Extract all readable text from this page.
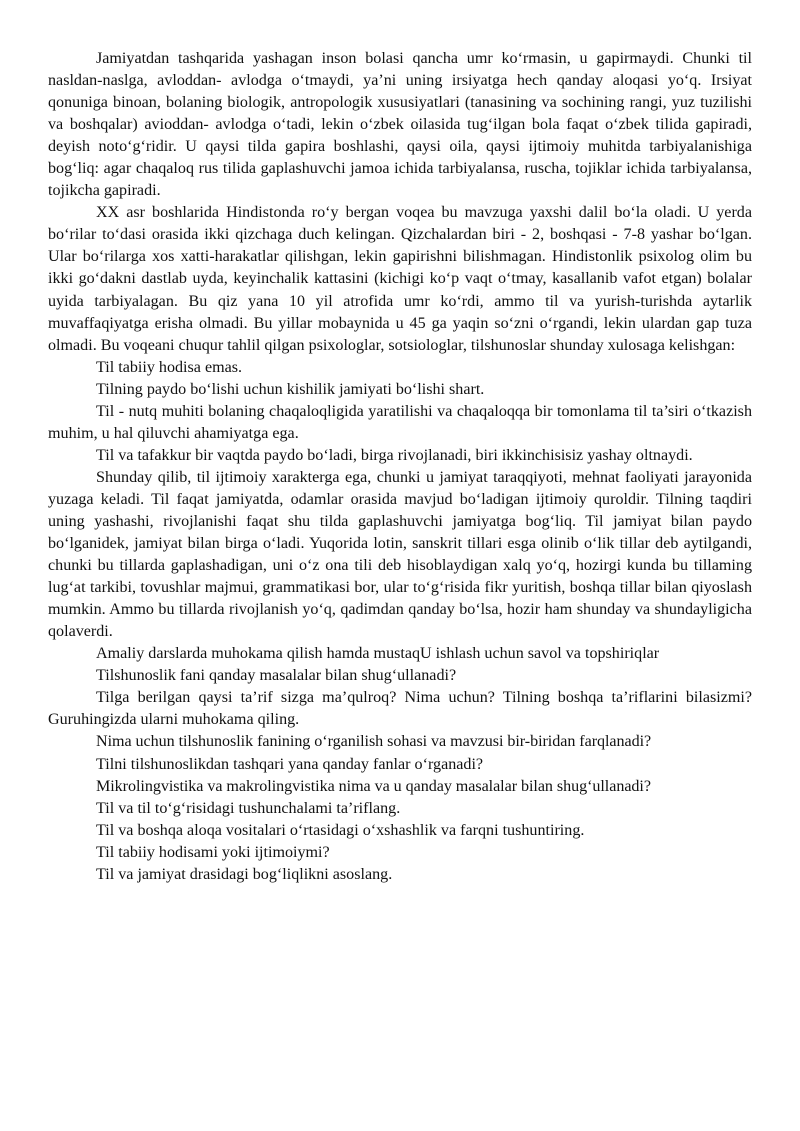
Jamiyatdan tashqarida yashagan inson bolasi qancha umr ko‘rmasin, u gapirmaydi. Chunki til nasldan-naslga, avloddan- avlodga o‘tmaydi, ya’ni uning irsiyatga hech qanday aloqasi yo‘q. Irsiyat qonuniga binoan, bolaning biologik, antropologik xususiyatlari (tanasining va sochining rangi, yuz tuzilishi va boshqalar) avioddan- avlodga o‘tadi, lekin o‘zbek oilasida tug‘ilgan bola faqat o‘zbek tilida gapiradi, deyish noto‘g‘ridir. U qaysi tilda gapira boshlashi, qaysi oila, qaysi ijtimoiy muhitda tarbiyalanishiga bog‘liq: agar chaqaloq rus tilida gaplashuvchi jamoa ichida tarbiyalansa, ruscha, tojiklar ichida tarbiyalansa, tojikcha gapiradi.

XX asr boshlarida Hindistonda ro‘y bergan voqea bu mavzuga yaxshi dalil bo‘la oladi. U yerda bo‘rilar to‘dasi orasida ikki qizchaga duch kelingan. Qizchalardan biri - 2, boshqasi - 7-8 yashar bo‘lgan. Ular bo‘rilarga xos xatti-harakatlar qilishgan, lekin gapirishni bilishmagan. Hindistonlik psixolog olim bu ikki go‘dakni dastlab uyda, keyinchalik kattasini (kichigi ko‘p vaqt o‘tmay, kasallanib vafot etgan) bolalar uyida tarbiyalagan. Bu qiz yana 10 yil atrofida umr ko‘rdi, ammo til va yurish-turishda aytarlik muvaffaqiyatga erisha olmadi. Bu yillar mobaynida u 45 ga yaqin so‘zni o‘rgandi, lekin ulardan gap tuza olmadi. Bu voqeani chuqur tahlil qilgan psixologlar, sotsiologlar, tilshunoslar shunday xulosaga kelishgan:

Til tabiiy hodisa emas.

Tilning paydo bo‘lishi uchun kishilik jamiyati bo‘lishi shart.

Til - nutq muhiti bolaning chaqaloqligida yaratilishi va chaqaloqqa bir tomonlama til ta’siri o‘tkazish muhim, u hal qiluvchi ahamiyatga ega.

Til va tafakkur bir vaqtda paydo bo‘ladi, birga rivojlanadi, biri ikkinchisisiz yashay oltnaydi.

Shunday qilib, til ijtimoiy xarakterga ega, chunki u jamiyat taraqqiyoti, mehnat faoliyati jarayonida yuzaga keladi. Til faqat jamiyatda, odamlar orasida mavjud bo‘ladigan ijtimoiy quroldir. Tilning taqdiri uning yashashi, rivojlanishi faqat shu tilda gaplashuvchi jamiyatga bog‘liq. Til jamiyat bilan paydo bo‘lganidek, jamiyat bilan birga o‘ladi. Yuqorida lotin, sanskrit tillari esga olinib o‘lik tillar deb aytilgandi, chunki bu tillarda gaplashadigan, uni o‘z ona tili deb hisoblaydigan xalq yo‘q, hozirgi kunda bu tillaming lug‘at tarkibi, tovushlar majmui, grammatikasi bor, ular to‘g‘risida fikr yuritish, boshqa tillar bilan qiyoslash mumkin. Ammo bu tillarda rivojlanish yo‘q, qadimdan qanday bo‘lsa, hozir ham shunday va shundayligicha qolaverdi.

Amaliy darslarda muhokama qilish hamda mustaqU ishlash uchun savol va topshiriqlar

Tilshunoslik fani qanday masalalar bilan shug‘ullanadi?

Tilga berilgan qaysi ta’rif sizga ma’qulroq? Nima uchun? Tilning boshqa ta’riflarini bilasizmi? Guruhingizda ularni muhokama qiling.

Nima uchun tilshunoslik fanining o‘rganilish sohasi va mavzusi bir-biridan farqlanadi?

Tilni tilshunoslikdan tashqari yana qanday fanlar o‘rganadi?

Mikrolingvistika va makrolingvistika nima va u qanday masalalar bilan shug‘ullanadi?

Til va til to‘g‘risidagi tushunchalami ta’riflang.

Til va boshqa aloqa vositalari o‘rtasidagi o‘xshashlik va farqni tushuntiring.

Til tabiiy hodisami yoki ijtimoiymi?

Til va jamiyat drasidagi bog‘liqlikni asoslang.
